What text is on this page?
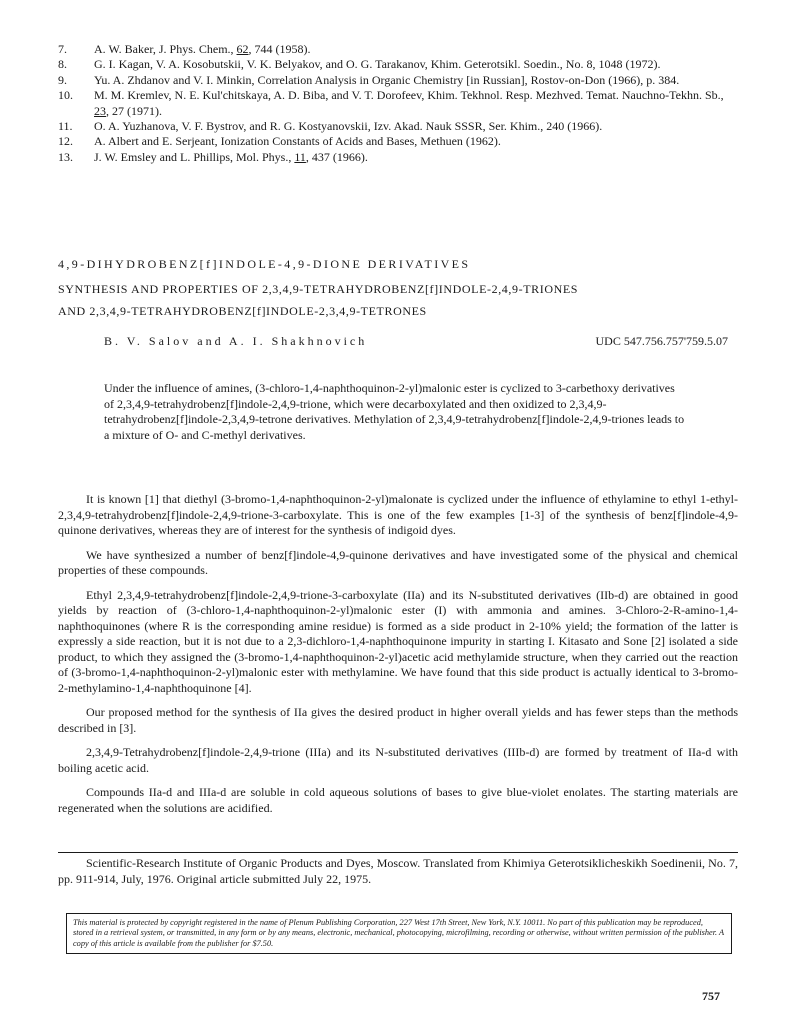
7.	A. W. Baker, J. Phys. Chem., 62, 744 (1958).
8.	G. I. Kagan, V. A. Kosobutskii, V. K. Belyakov, and O. G. Tarakanov, Khim. Geterotsikl. Soedin., No. 8, 1048 (1972).
9.	Yu. A. Zhdanov and V. I. Minkin, Correlation Analysis in Organic Chemistry [in Russian], Rostov-on-Don (1966), p. 384.
10.	M. M. Kremlev, N. E. Kul'chitskaya, A. D. Biba, and V. T. Dorofeev, Khim. Tekhnol. Resp. Mezhved. Temat. Nauchno-Tekhn. Sb., 23, 27 (1971).
11.	O. A. Yuzhanova, V. F. Bystrov, and R. G. Kostyanovskii, Izv. Akad. Nauk SSSR, Ser. Khim., 240 (1966).
12.	A. Albert and E. Serjeant, Ionization Constants of Acids and Bases, Methuen (1962).
13.	J. W. Emsley and L. Phillips, Mol. Phys., 11, 437 (1966).
4,9-DIHYDROBENZ[f]INDOLE-4,9-DIONE DERIVATIVES
SYNTHESIS AND PROPERTIES OF 2,3,4,9-TETRAHYDROBENZ[f]INDOLE-2,4,9-TRIONES
AND 2,3,4,9-TETRAHYDROBENZ[f]INDOLE-2,3,4,9-TETRONES
B. V. Salov and A. I. Shakhnovich	UDC 547.756.757'759.5.07

Under the influence of amines, (3-chloro-1,4-naphthoquinon-2-yl)malonic ester is cyclized to 3-carbethoxy derivatives of 2,3,4,9-tetrahydrobenz[f]indole-2,4,9-trione, which were decarboxylated and then oxidized to 2,3,4,9-tetrahydrobenz[f]indole-2,3,4,9-tetrone derivatives. Methylation of 2,3,4,9-tetrahydrobenz[f]indole-2,4,9-triones leads to a mixture of O- and C-methyl derivatives.

It is known [1] that diethyl (3-bromo-1,4-naphthoquinon-2-yl)malonate is cyclized under the influence of ethylamine to ethyl 1-ethyl-2,3,4,9-tetrahydrobenz[f]indole-2,4,9-trione-3-carboxylate. This is one of the few examples [1-3] of the synthesis of benz[f]indole-4,9-quinone derivatives, whereas they are of interest for the synthesis of indigoid dyes.

We have synthesized a number of benz[f]indole-4,9-quinone derivatives and have investigated some of the physical and chemical properties of these compounds.

Ethyl 2,3,4,9-tetrahydrobenz[f]indole-2,4,9-trione-3-carboxylate (IIa) and its N-substituted derivatives (IIb-d) are obtained in good yields by reaction of (3-chloro-1,4-naphthoquinon-2-yl)malonic ester (I) with ammonia and amines. 3-Chloro-2-R-amino-1,4-naphthoquinones (where R is the corresponding amine residue) is formed as a side product in 2-10% yield; the formation of the latter is expressly a side reaction, but it is not due to a 2,3-dichloro-1,4-naphthoquinone impurity in starting I. Kitasato and Sone [2] isolated a side product, to which they assigned the (3-bromo-1,4-naphthoquinon-2-yl)acetic acid methylamide structure, when they carried out the reaction of (3-bromo-1,4-naphthoquinon-2-yl)malonic ester with methylamine. We have found that this side product is actually identical to 3-bromo-2-methylamino-1,4-naphthoquinone [4].

Our proposed method for the synthesis of IIa gives the desired product in higher overall yields and has fewer steps than the methods described in [3].

2,3,4,9-Tetrahydrobenz[f]indole-2,4,9-trione (IIIa) and its N-substituted derivatives (IIIb-d) are formed by treatment of IIa-d with boiling acetic acid.

Compounds IIa-d and IIIa-d are soluble in cold aqueous solutions of bases to give blue-violet enolates. The starting materials are regenerated when the solutions are acidified.

Scientific-Research Institute of Organic Products and Dyes, Moscow. Translated from Khimiya Geterotsiklicheskikh Soedinenii, No. 7, pp. 911-914, July, 1976. Original article submitted July 22, 1975.

This material is protected by copyright registered in the name of Plenum Publishing Corporation, 227 West 17th Street, New York, N.Y. 10011. No part of this publication may be reproduced, stored in a retrieval system, or transmitted, in any form or by any means, electronic, mechanical, photocopying, microfilming, recording or otherwise, without written permission of the publisher. A copy of this article is available from the publisher for $7.50.

757
